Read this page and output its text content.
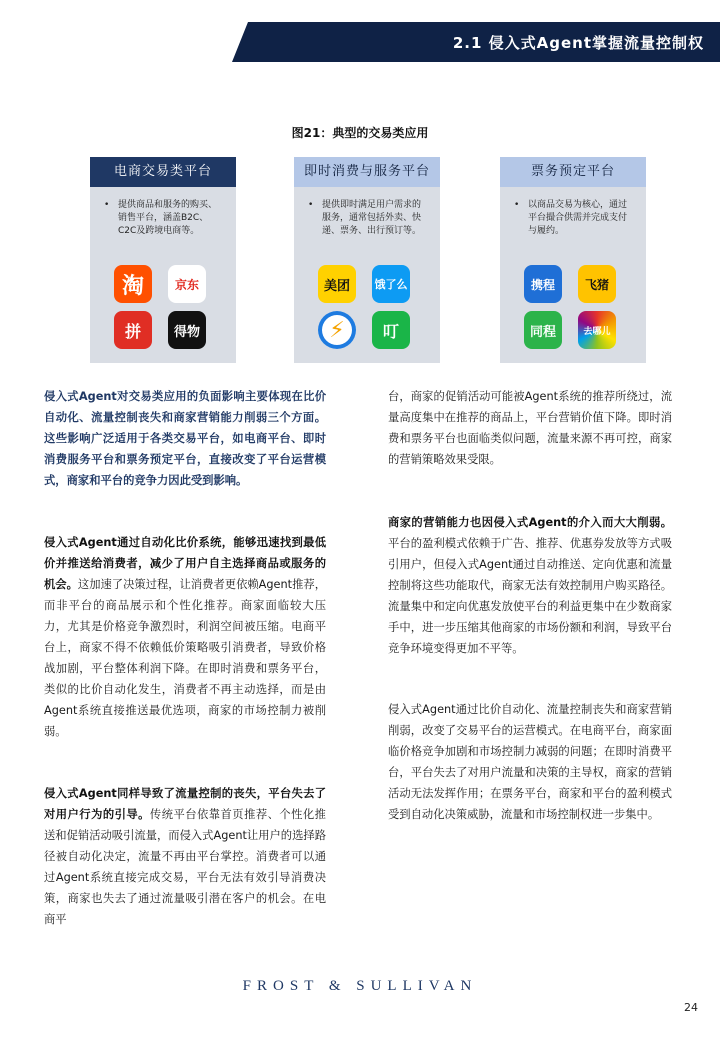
2.1 侵入式Agent掌握流量控制权
图21：典型的交易类应用
电商交易类平台
• 提供商品和服务的购买、销售平台，涵盖B2C、C2C及跨境电商等。
淘	京东
拼	得物
即时消费与服务平台
• 提供即时满足用户需求的服务，通常包括外卖、快递、票务、出行预订等。
美团 饿了么
⚡ 叮
票务预定平台
• 以商品交易为核心，通过平台撮合供需并完成支付与履约。
携程 飞猪
同程	去哪儿
侵入式Agent对交易类应用的负面影响主要体现在比价自动化、流量控制丧失和商家营销能力削弱三个方面。这些影响广泛适用于各类交易平台，如电商平台、即时消费服务平台和票务预定平台，直接改变了平台运营模式，商家和平台的竞争力因此受到影响。
侵入式Agent通过自动化比价系统，能够迅速找到最低价并推送给消费者，减少了用户自主选择商品或服务的机会。这加速了决策过程，让消费者更依赖Agent推荐，而非平台的商品展示和个性化推荐。商家面临较大压力，尤其是价格竞争激烈时，利润空间被压缩。电商平台上，商家不得不依赖低价策略吸引消费者，导致价格战加剧，平台整体利润下降。在即时消费和票务平台，类似的比价自动化发生，消费者不再主动选择，而是由Agent系统直接推送最优选项，商家的市场控制力被削弱。
侵入式Agent同样导致了流量控制的丧失，平台失去了对用户行为的引导。传统平台依靠首页推荐、个性化推送和促销活动吸引流量，而侵入式Agent让用户的选择路径被自动化决定，流量不再由平台掌控。消费者可以通过Agent系统直接完成交易，平台无法有效引导消费决策，商家也失去了通过流量吸引潜在客户的机会。在电商平
台，商家的促销活动可能被Agent系统的推荐所绕过，流量高度集中在推荐的商品上，平台营销价值下降。即时消费和票务平台也面临类似问题，流量来源不再可控，商家的营销策略效果受限。
商家的营销能力也因侵入式Agent的介入而大大削弱。平台的盈利模式依赖于广告、推荐、优惠券发放等方式吸引用户，但侵入式Agent通过自动推送、定向优惠和流量控制将这些功能取代，商家无法有效控制用户购买路径。流量集中和定向优惠发放使平台的利益更集中在少数商家手中，进一步压缩其他商家的市场份额和利润，导致平台竞争环境变得更加不平等。
侵入式Agent通过比价自动化、流量控制丧失和商家营销削弱，改变了交易平台的运营模式。在电商平台，商家面临价格竞争加剧和市场控制力减弱的问题；在即时消费平台，平台失去了对用户流量和决策的主导权，商家的营销活动无法发挥作用；在票务平台，商家和平台的盈利模式受到自动化决策威胁，流量和市场控制权进一步集中。
FROST & SULLIVAN
24
